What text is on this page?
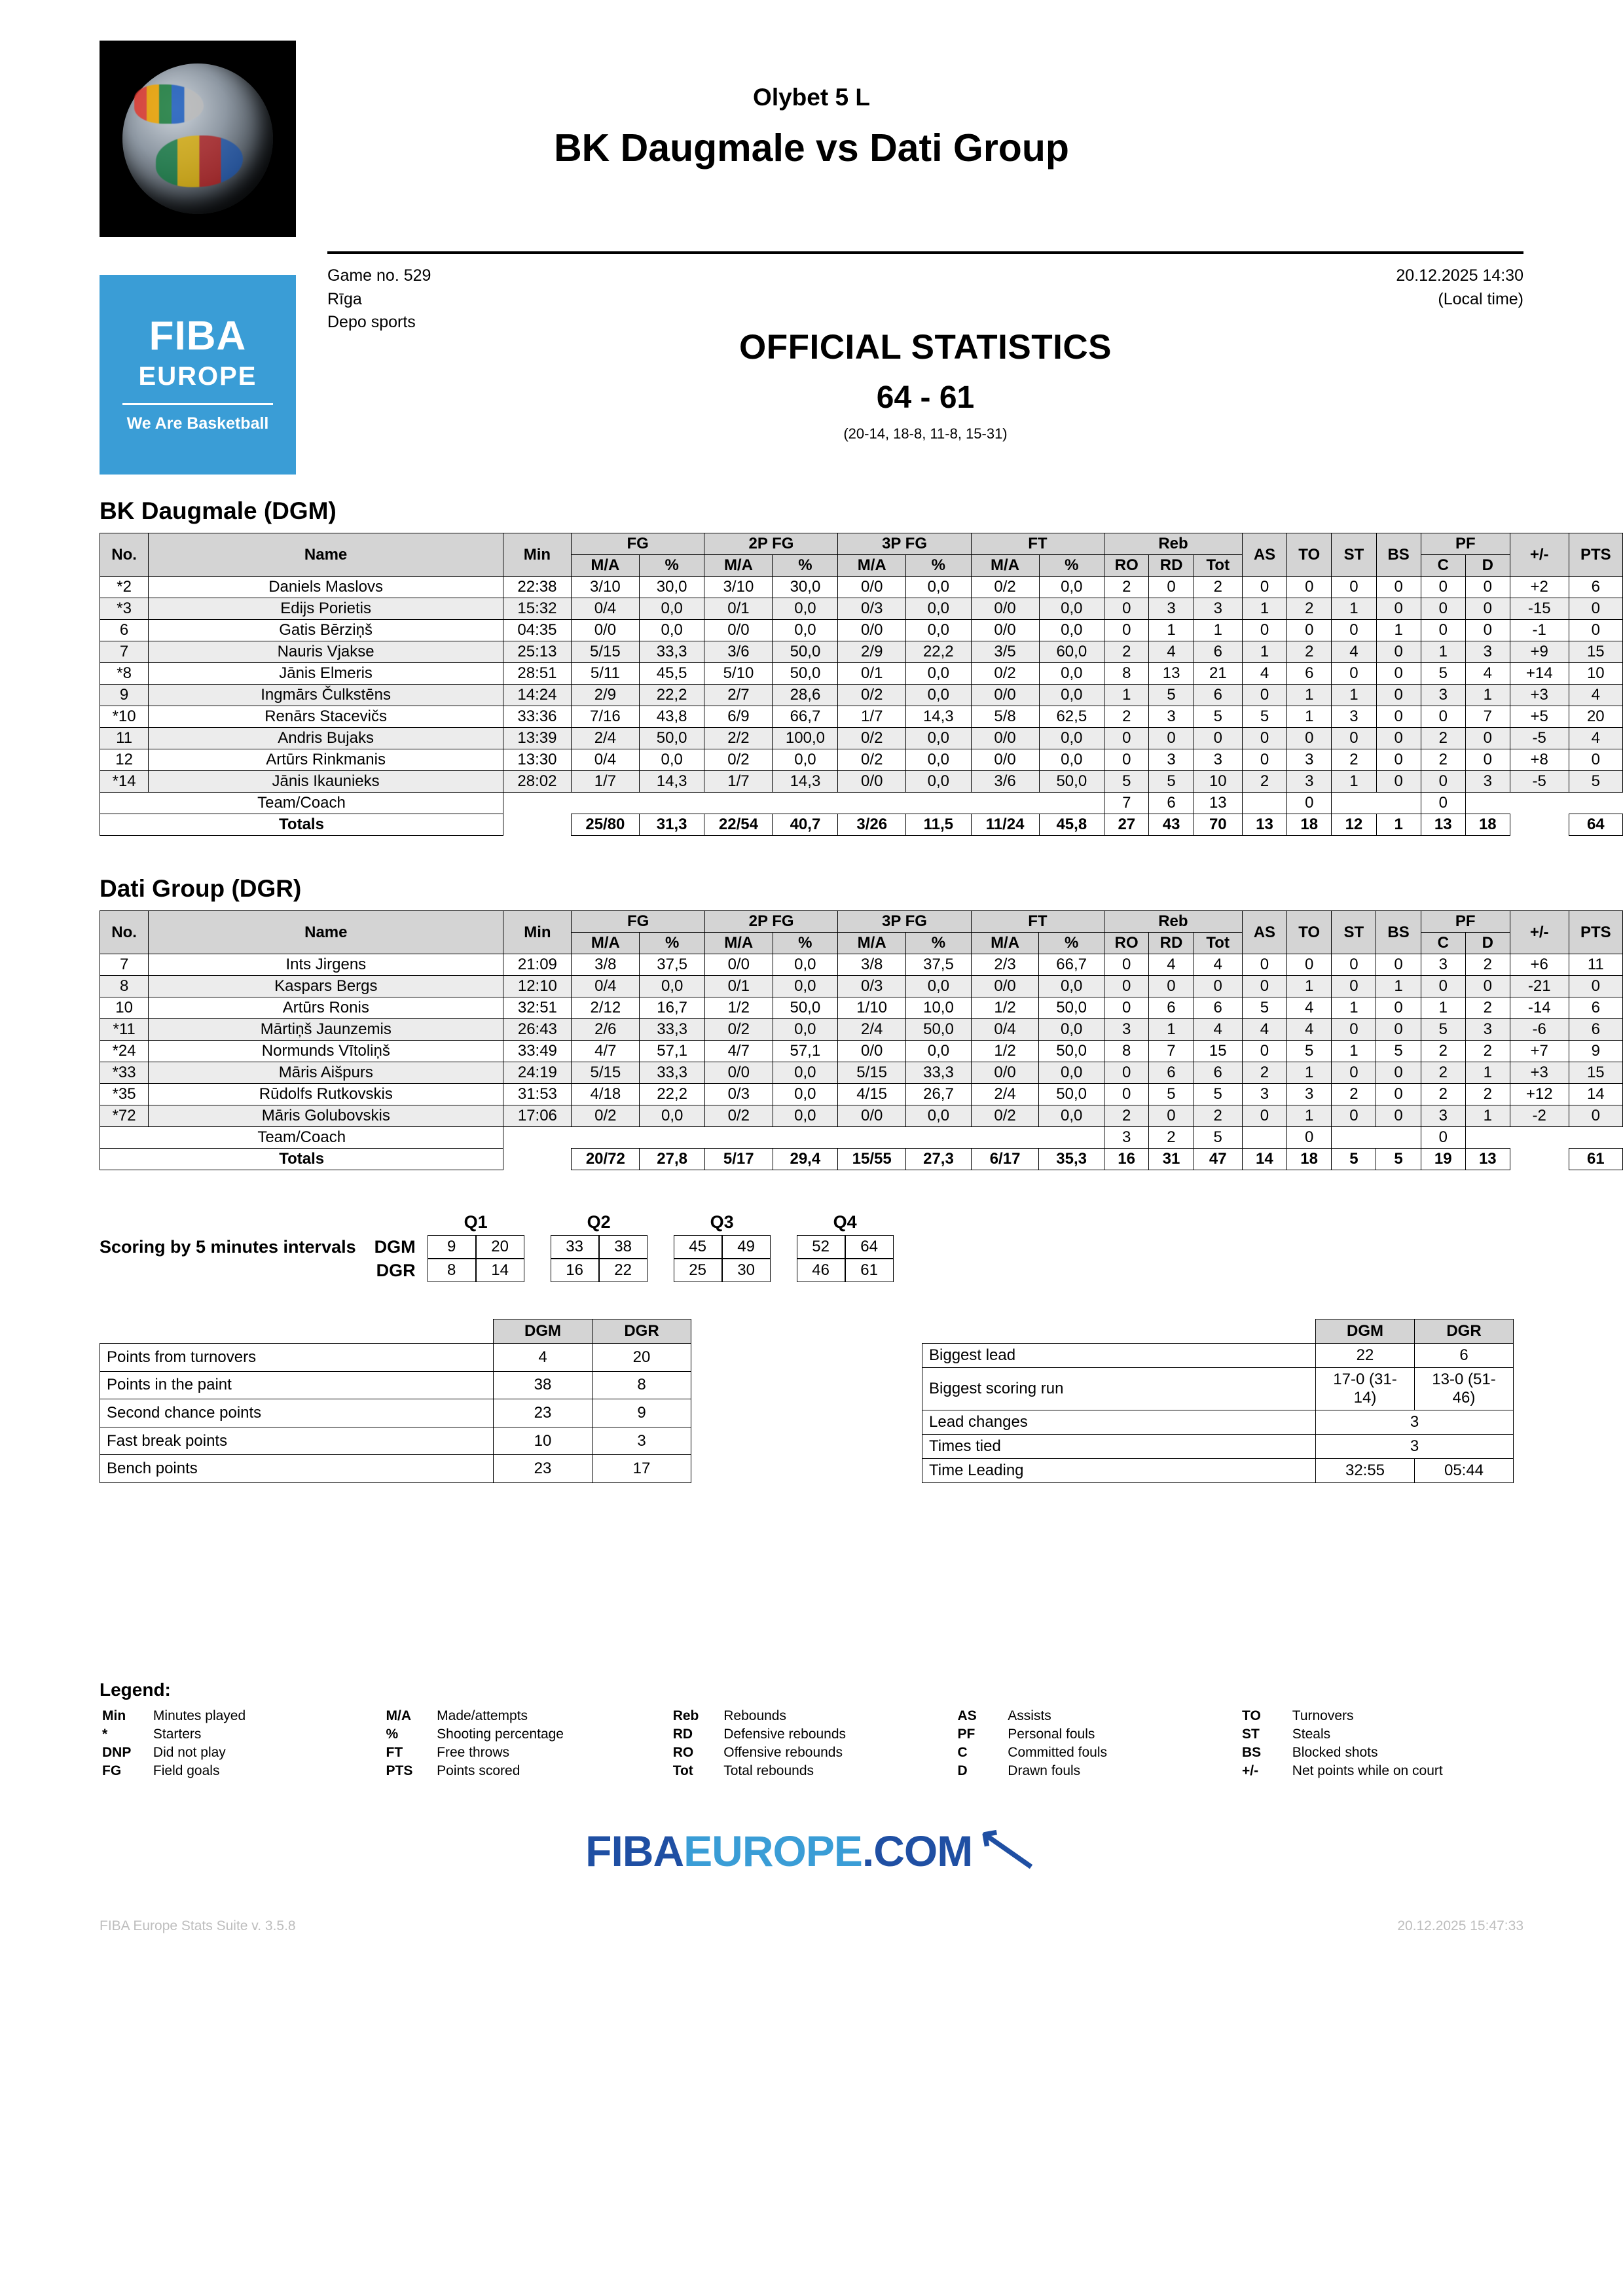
FIBA
EUROPE
We Are Basketball
Olybet 5 L
BK Daugmale vs Dati Group
Game no. 529
Rīga
Depo sports
20.12.2025 14:30
(Local time)
OFFICIAL STATISTICS
64 - 61
(20-14, 18-8, 11-8, 15-31)
BK Daugmale (DGM)
No.	Name	Min	FG		2P FG		3P FG		FT		Reb			AS	TO	ST	BS	PF		+/-	PTS
			M/A	%	M/A	%	M/A	%	M/A	%	RO	RD	Tot					C	D		
*2	Daniels Maslovs	22:38	3/10	30,0	3/10	30,0	0/0	0,0	0/2	0,0	2	0	2	0	0	0	0	0	0	+2	6
*3	Edijs Porietis	15:32	0/4	0,0	0/1	0,0	0/3	0,0	0/0	0,0	0	3	3	1	2	1	0	0	0	-15	0
6	Gatis Bērziņš	04:35	0/0	0,0	0/0	0,0	0/0	0,0	0/0	0,0	0	1	1	0	0	0	1	0	0	-1	0
7	Nauris Vjakse	25:13	5/15	33,3	3/6	50,0	2/9	22,2	3/5	60,0	2	4	6	1	2	4	0	1	3	+9	15
*8	Jānis Elmeris	28:51	5/11	45,5	5/10	50,0	0/1	0,0	0/2	0,0	8	13	21	4	6	0	0	5	4	+14	10
9	Ingmārs Čulkstēns	14:24	2/9	22,2	2/7	28,6	0/2	0,0	0/0	0,0	1	5	6	0	1	1	0	3	1	+3	4
*10	Renārs Stacevičs	33:36	7/16	43,8	6/9	66,7	1/7	14,3	5/8	62,5	2	3	5	5	1	3	0	0	7	+5	20
11	Andris Bujaks	13:39	2/4	50,0	2/2	100,0	0/2	0,0	0/0	0,0	0	0	0	0	0	0	0	2	0	-5	4
12	Artūrs Rinkmanis	13:30	0/4	0,0	0/2	0,0	0/2	0,0	0/0	0,0	0	3	3	0	3	2	0	2	0	+8	0
*14	Jānis Ikaunieks	28:02	1/7	14,3	1/7	14,3	0/0	0,0	3/6	50,0	5	5	10	2	3	1	0	0	3	-5	5
Team/Coach											7	6	13		0			0			
Totals			25/80	31,3	22/54	40,7	3/26	11,5	11/24	45,8	27	43	70	13	18	12	1	13	18		64
Dati Group (DGR)
No.	Name	Min	FG		2P FG		3P FG		FT		Reb			AS	TO	ST	BS	PF		+/-	PTS
			M/A	%	M/A	%	M/A	%	M/A	%	RO	RD	Tot					C	D		
7	Ints Jirgens	21:09	3/8	37,5	0/0	0,0	3/8	37,5	2/3	66,7	0	4	4	0	0	0	0	3	2	+6	11
8	Kaspars Bergs	12:10	0/4	0,0	0/1	0,0	0/3	0,0	0/0	0,0	0	0	0	0	1	0	1	0	0	-21	0
10	Artūrs Ronis	32:51	2/12	16,7	1/2	50,0	1/10	10,0	1/2	50,0	0	6	6	5	4	1	0	1	2	-14	6
*11	Mārtiņš Jaunzemis	26:43	2/6	33,3	0/2	0,0	2/4	50,0	0/4	0,0	3	1	4	4	4	0	0	5	3	-6	6
*24	Normunds Vītoliņš	33:49	4/7	57,1	4/7	57,1	0/0	0,0	1/2	50,0	8	7	15	0	5	1	5	2	2	+7	9
*33	Māris Aišpurs	24:19	5/15	33,3	0/0	0,0	5/15	33,3	0/0	0,0	0	6	6	2	1	0	0	2	1	+3	15
*35	Rūdolfs Rutkovskis	31:53	4/18	22,2	0/3	0,0	4/15	26,7	2/4	50,0	0	5	5	3	3	2	0	2	2	+12	14
*72	Māris Golubovskis	17:06	0/2	0,0	0/2	0,0	0/0	0,0	0/2	0,0	2	0	2	0	1	0	0	3	1	-2	0
Team/Coach											3	2	5		0			0			
Totals			20/72	27,8	5/17	29,4	15/55	27,3	6/17	35,3	16	31	47	14	18	5	5	19	13		61
		Q1		Q2		Q3		Q4	
Scoring by 5 minutes intervals	DGM	9	20		33	38		45	49		52	64

	DGR	8	14		16	22		25	30		46	61

	DGM	DGR
Points from turnovers	4	20
Points in the paint	38	8
Second chance points	23	9
Fast break points	10	3
Bench points	23	17
	DGM	DGR
Biggest lead	22	6
Biggest scoring run	17-0 (31-14)	13-0 (51-46)
Lead changes	3	
Times tied	3	
Time Leading	32:55	05:44
Legend:
Min	Minutes played	M/A	Made/attempts	Reb	Rebounds	AS	Assists	TO	Turnovers
*	Starters	%	Shooting percentage	RD	Defensive rebounds	PF	Personal fouls	ST	Steals
DNP	Did not play	FT	Free throws	RO	Offensive rebounds	C	Committed fouls	BS	Blocked shots
FG	Field goals	PTS	Points scored	Tot	Total rebounds	D	Drawn fouls	+/-	Net points while on court
FIBAEUROPE.COM⟶
FIBA Europe Stats Suite v. 3.5.8	20.12.2025 15:47:33
